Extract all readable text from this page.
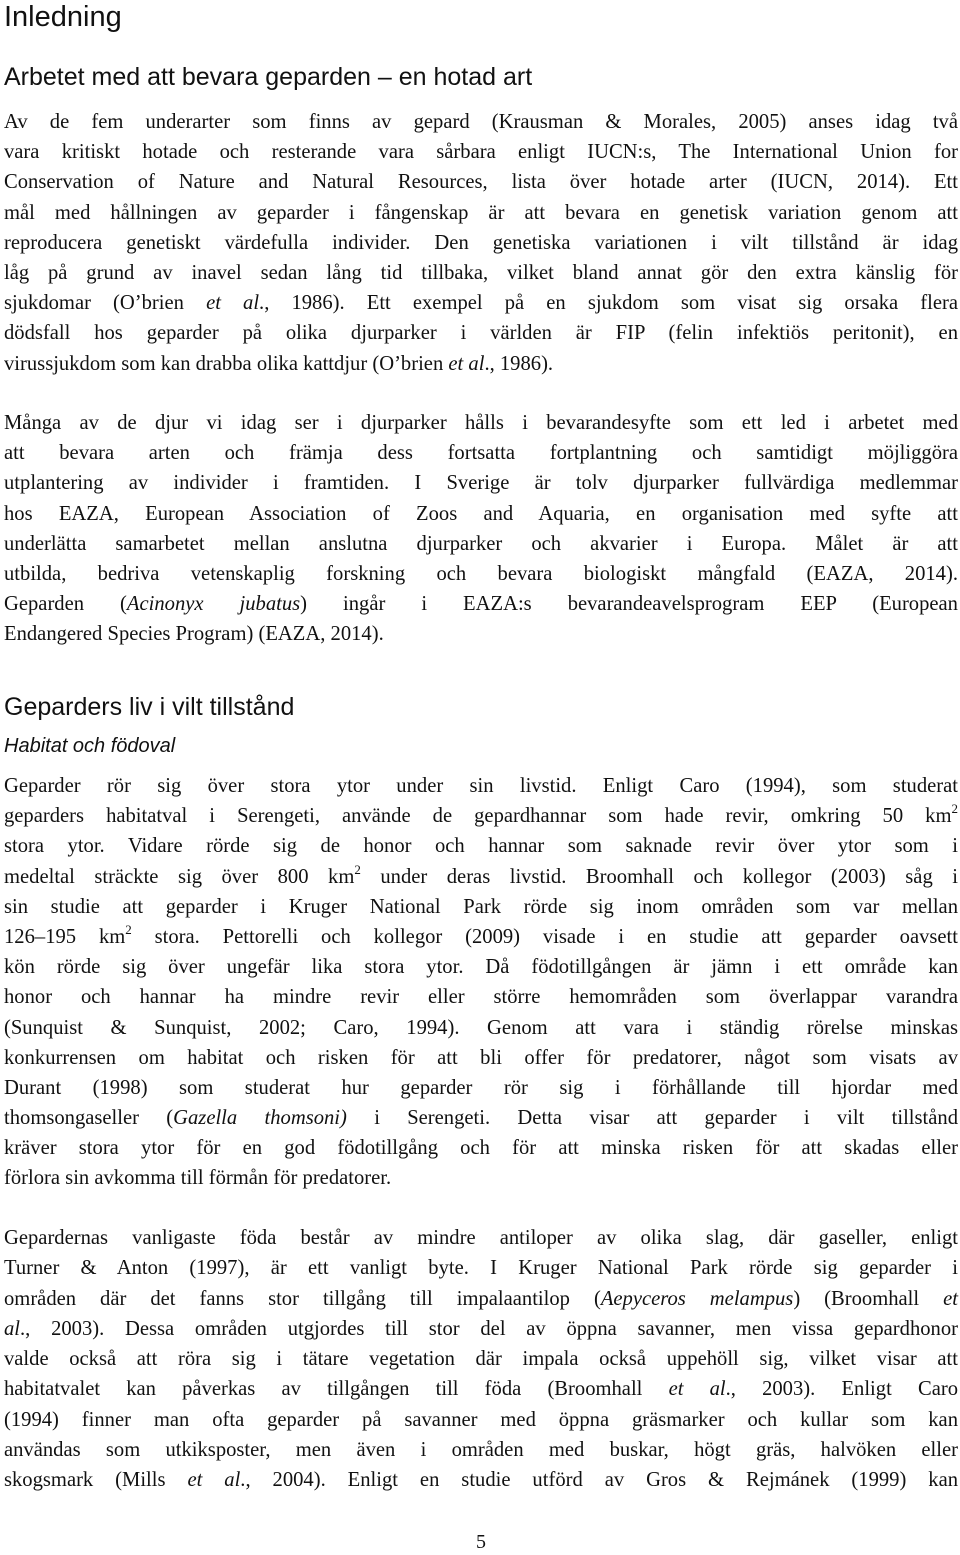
Inledning
Arbetet med att bevara geparden – en hotad art
Av de fem underarter som finns av gepard (Krausman & Morales, 2005) anses idag två
vara kritiskt hotade och resterande vara sårbara enligt IUCN:s, The International Union for
Conservation of Nature and Natural Resources, lista över hotade arter (IUCN, 2014). Ett
mål med hållningen av geparder i fångenskap är att bevara en genetisk variation genom att
reproducera genetiskt värdefulla individer. Den genetiska variationen i vilt tillstånd är idag
låg på grund av inavel sedan lång tid tillbaka, vilket bland annat gör den extra känslig för
sjukdomar (O’brien et al., 1986). Ett exempel på en sjukdom som visat sig orsaka flera
dödsfall hos geparder på olika djurparker i världen är FIP (felin infektiös peritonit), en
virussjukdom som kan drabba olika kattdjur (O’brien et al., 1986).
Många av de djur vi idag ser i djurparker hålls i bevarandesyfte som ett led i arbetet med
att bevara arten och främja dess fortsatta fortplantning och samtidigt möjliggöra
utplantering av individer i framtiden. I Sverige är tolv djurparker fullvärdiga medlemmar
hos EAZA, European Association of Zoos and Aquaria, en organisation med syfte att
underlätta samarbetet mellan anslutna djurparker och akvarier i Europa. Målet är att
utbilda, bedriva vetenskaplig forskning och bevara biologiskt mångfald (EAZA, 2014).
Geparden (Acinonyx jubatus) ingår i EAZA:s bevarandeavelsprogram EEP (European
Endangered Species Program) (EAZA, 2014).
Geparders liv i vilt tillstånd
Habitat och födoval
Geparder rör sig över stora ytor under sin livstid. Enligt Caro (1994), som studerat
geparders habitatval i Serengeti, använde de gepardhannar som hade revir, omkring 50 $km^2$
stora ytor. Vidare rörde sig de honor och hannar som saknade revir över ytor som i
medeltal sträckte sig över 800 $km^2$ under deras livstid. Broomhall och kollegor (2003) såg i
sin studie att geparder i Kruger National Park rörde sig inom områden som var mellan
126–195 $km^2$ stora. Pettorelli och kollegor (2009) visade i en studie att geparder oavsett
kön rörde sig över ungefär lika stora ytor. Då födotillgången är jämn i ett område kan
honor och hannar ha mindre revir eller större hemområden som överlappar varandra
(Sunquist & Sunquist, 2002; Caro, 1994). Genom att vara i ständig rörelse minskas
konkurrensen om habitat och risken för att bli offer för predatorer, något som visats av
Durant (1998) som studerat hur geparder rör sig i förhållande till hjordar med
thomsongaseller (Gazella thomsoni) i Serengeti. Detta visar att geparder i vilt tillstånd
kräver stora ytor för en god födotillgång och för att minska risken för att skadas eller
förlora sin avkomma till förmån för predatorer.
Gepardernas vanligaste föda består av mindre antiloper av olika slag, där gaseller, enligt
Turner & Anton (1997), är ett vanligt byte. I Kruger National Park rörde sig geparder i
områden där det fanns stor tillgång till impalaantilop (Aepyceros melampus) (Broomhall et
al., 2003). Dessa områden utgjordes till stor del av öppna savanner, men vissa gepardhonor
valde också att röra sig i tätare vegetation där impala också uppehöll sig, vilket visar att
habitatvalet kan påverkas av tillgången till föda (Broomhall et al., 2003). Enligt Caro
(1994) finner man ofta geparder på savanner med öppna gräsmarker och kullar som kan
användas som utkiksposter, men även i områden med buskar, högt gräs, halvöken eller
skogsmark (Mills et al., 2004). Enligt en studie utförd av Gros & Rejmánek (1999) kan
5
